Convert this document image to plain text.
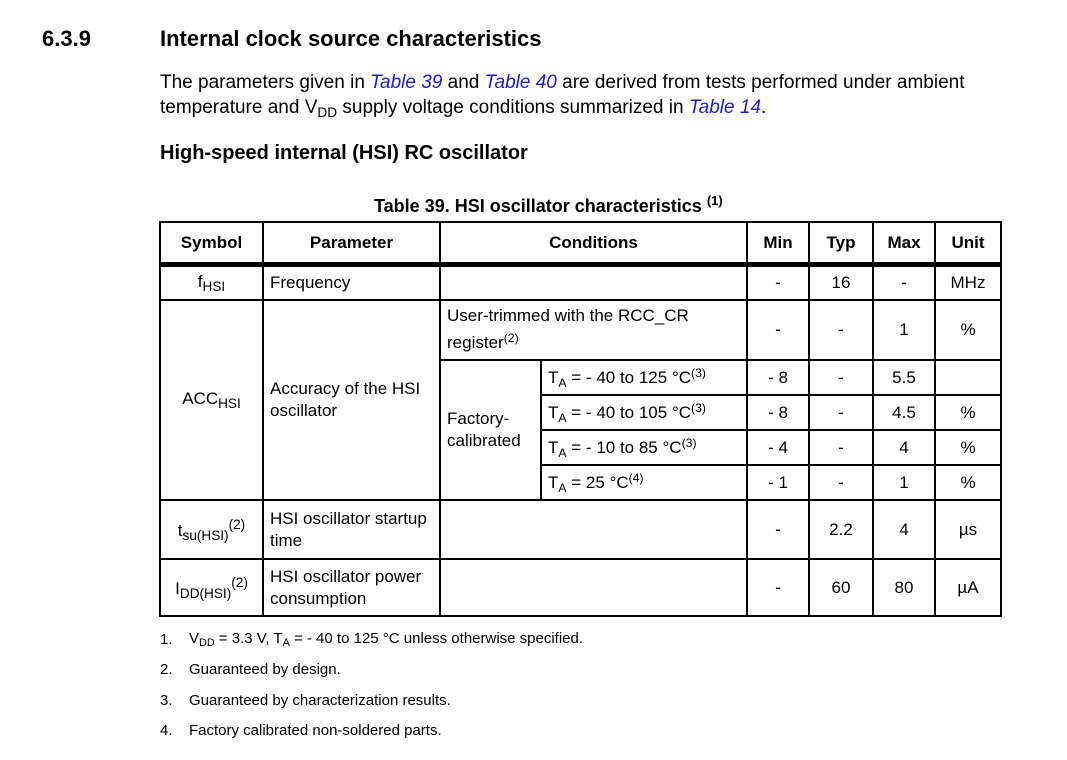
6.3.9	Internal clock source characteristics
The parameters given in Table 39 and Table 40 are derived from tests performed under ambient temperature and $V_{DD}$ supply voltage conditions summarized in Table 14.
High-speed internal (HSI) RC oscillator
Table 39. HSI oscillator characteristics $^{(1)}$
Symbol	Parameter	Conditions		Min	Typ	Max	Unit
$f_{HSI}$	Frequency			-	16	-	MHz
$ACC_{HSI}$	Accuracy of the HSI oscillator	User-trimmed with the RCC_CR register$^{(2)}$		-	-	1	%
		Factory-calibrated	$T_A$ = - 40 to 125 $^\circ C^{(3)}$	- 8	-	5.5	
			$T_A$ = - 40 to 105 $^\circ C^{(3)}$	- 8	-	4.5	%
			$T_A$ = - 10 to 85 $^\circ C^{(3)}$	- 4	-	4	%
			$T_A = 25$ $^\circ C^{(4)}$	- 1	-	1	%
$t_{su(HSI)}^{(2)}$	HSI oscillator startup time			-	2.2	4	µs
$I_{DD(HSI)}^{(2)}$	HSI oscillator power consumption			-	60	80	µA
1.	$V_{DD} = 3.3$ V, $T_A$ = - 40 to 125 °C unless otherwise specified.
2.	Guaranteed by design.
3.	Guaranteed by characterization results.
4.	Factory calibrated non-soldered parts.
